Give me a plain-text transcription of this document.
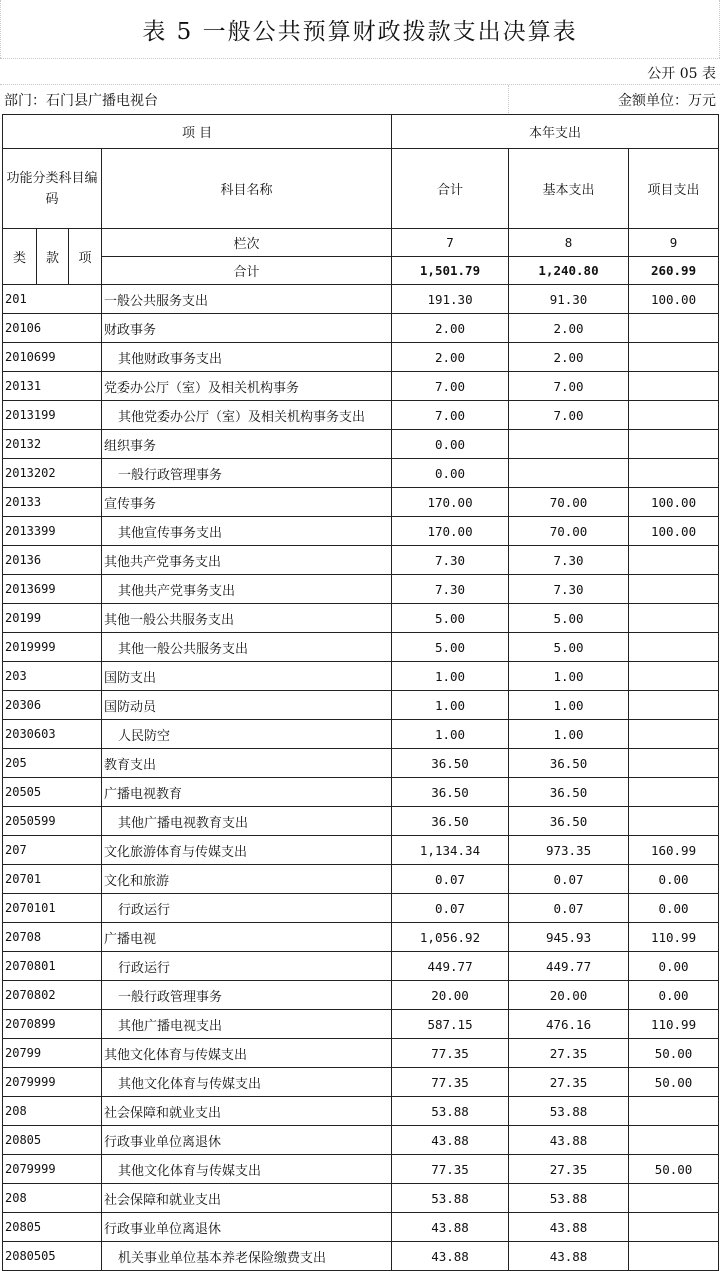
表 5 一般公共预算财政拨款支出决算表
公开 05 表
部门：石门县广播电视台	金额单位：万元
项 目				本年支出		
功能分类科目编码			科目名称	合计	基本支出	项目支出
类	款	项	栏次	7	8	9
			合计	1,501.79	1,240.80	260.99
201			一般公共服务支出	191.30	91.30	100.00
20106			财政事务	2.00	2.00	
2010699			其他财政事务支出	2.00	2.00	
20131			党委办公厅（室）及相关机构事务	7.00	7.00	
2013199			其他党委办公厅（室）及相关机构事务支出	7.00	7.00	
20132			组织事务	0.00		
2013202			一般行政管理事务	0.00		
20133			宣传事务	170.00	70.00	100.00
2013399			其他宣传事务支出	170.00	70.00	100.00
20136			其他共产党事务支出	7.30	7.30	
2013699			其他共产党事务支出	7.30	7.30	
20199			其他一般公共服务支出	5.00	5.00	
2019999			其他一般公共服务支出	5.00	5.00	
203			国防支出	1.00	1.00	
20306			国防动员	1.00	1.00	
2030603			人民防空	1.00	1.00	
205			教育支出	36.50	36.50	
20505			广播电视教育	36.50	36.50	
2050599			其他广播电视教育支出	36.50	36.50	
207			文化旅游体育与传媒支出	1,134.34	973.35	160.99
20701			文化和旅游	0.07	0.07	0.00
2070101			行政运行	0.07	0.07	0.00
20708			广播电视	1,056.92	945.93	110.99
2070801			行政运行	449.77	449.77	0.00
2070802			一般行政管理事务	20.00	20.00	0.00
2070899			其他广播电视支出	587.15	476.16	110.99
20799			其他文化体育与传媒支出	77.35	27.35	50.00
2079999			其他文化体育与传媒支出	77.35	27.35	50.00
208			社会保障和就业支出	53.88	53.88	
20805			行政事业单位离退休	43.88	43.88	
2079999			其他文化体育与传媒支出	77.35	27.35	50.00
208			社会保障和就业支出	53.88	53.88	
20805			行政事业单位离退休	43.88	43.88	
2080505			机关事业单位基本养老保险缴费支出	43.88	43.88	
